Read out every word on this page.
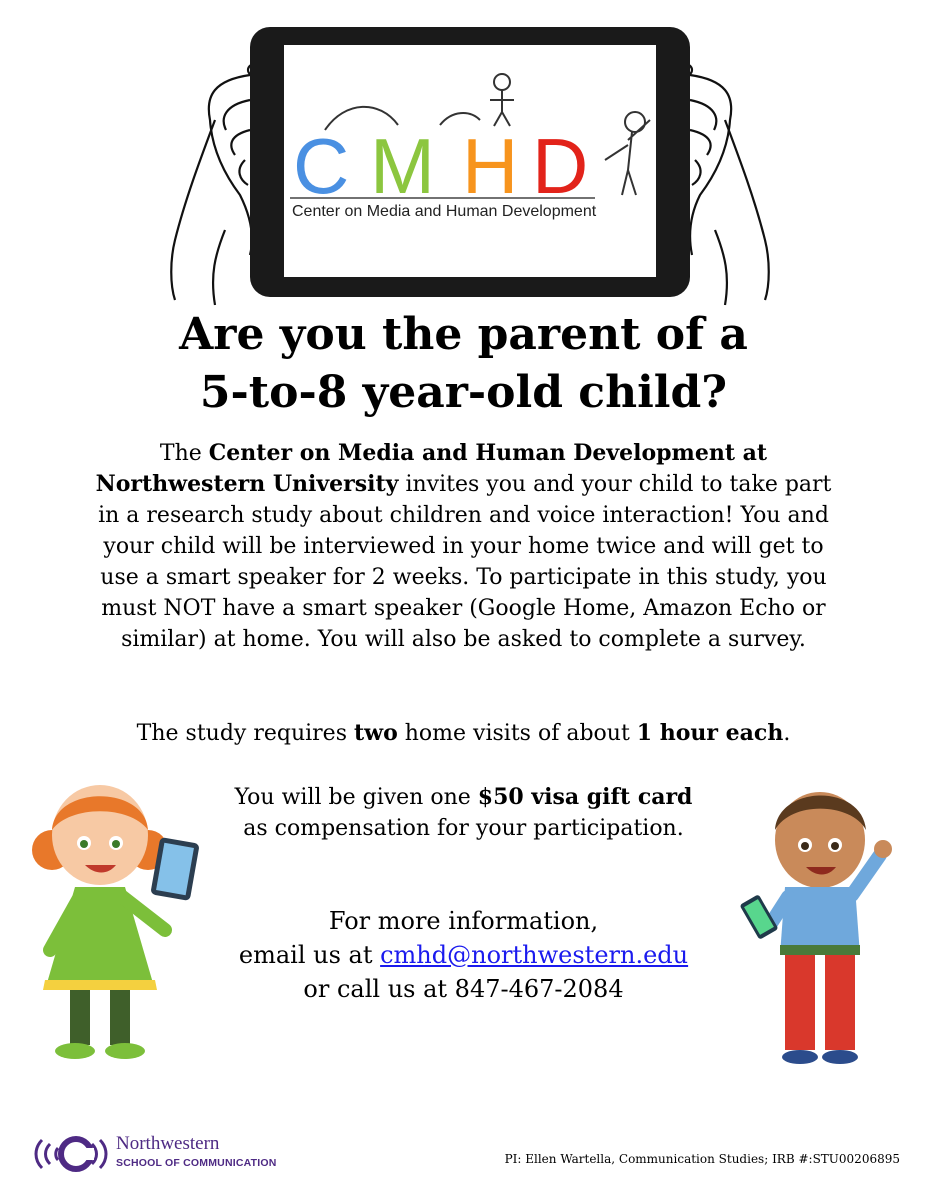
C M H D
Center on Media and Human Development
Are you the parent of a
5-to-8 year-old child?
The Center on Media and Human Development at Northwestern University invites you and your child to take part in a research study about children and voice interaction! You and your child will be interviewed in your home twice and will get to use a smart speaker for 2 weeks. To participate in this study, you must NOT have a smart speaker (Google Home, Amazon Echo or similar) at home. You will also be asked to complete a survey.
The study requires two home visits of about 1 hour each.
You will be given one $50 visa gift card
as compensation for your participation.
For more information,
email us at cmhd@northwestern.edu
or call us at 847-467-2084
Northwestern
SCHOOL OF COMMUNICATION	PI: Ellen Wartella, Communication Studies; IRB #:STU00206895
